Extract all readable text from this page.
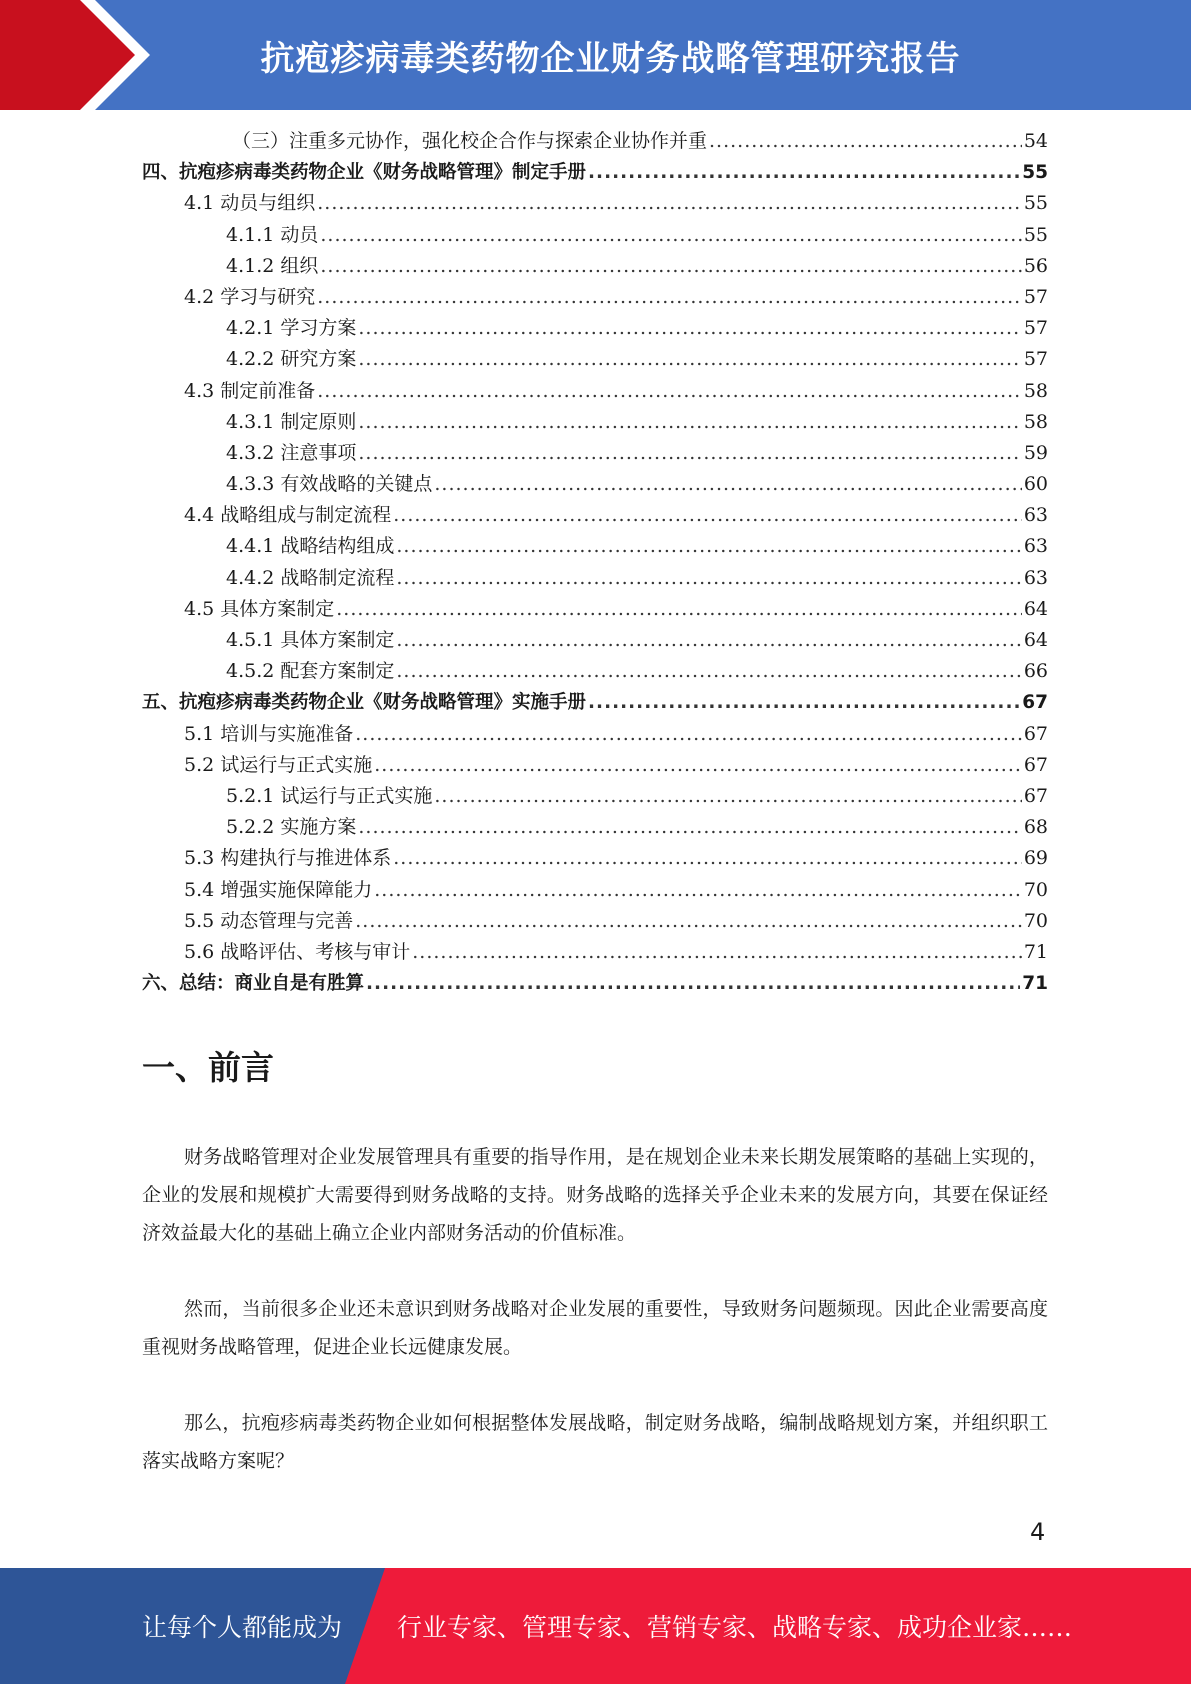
抗疱疹病毒类药物企业财务战略管理研究报告
（三）注重多元协作，强化校企合作与探索企业协作并重 .....	54
四、抗疱疹病毒类药物企业《财务战略管理》制定手册 .....	55
4.1 动员与组织 .....	55
4.1.1 动员 .....	55
4.1.2 组织 .....	56
4.2 学习与研究 .....	57
4.2.1 学习方案 .....	57
4.2.2 研究方案 .....	57
4.3 制定前准备 .....	58
4.3.1 制定原则 .....	58
4.3.2 注意事项 .....	59
4.3.3 有效战略的关键点 .....	60
4.4 战略组成与制定流程 .....	63
4.4.1 战略结构组成 .....	63
4.4.2 战略制定流程 .....	63
4.5 具体方案制定 .....	64
4.5.1 具体方案制定 .....	64
4.5.2 配套方案制定 .....	66
五、抗疱疹病毒类药物企业《财务战略管理》实施手册 .....	67
5.1 培训与实施准备 .....	67
5.2 试运行与正式实施 .....	67
5.2.1 试运行与正式实施 .....	67
5.2.2 实施方案 .....	68
5.3 构建执行与推进体系 .....	69
5.4 增强实施保障能力 .....	70
5.5 动态管理与完善 .....	70
5.6 战略评估、考核与审计 .....	71
六、总结：商业自是有胜算 .....	71
一、前言

财务战略管理对企业发展管理具有重要的指导作用，是在规划企业未来长期发展策略的基础上实现的，企业的发展和规模扩大需要得到财务战略的支持。财务战略的选择关乎企业未来的发展方向，其要在保证经济效益最大化的基础上确立企业内部财务活动的价值标准。

然而，当前很多企业还未意识到财务战略对企业发展的重要性，导致财务问题频现。因此企业需要高度重视财务战略管理，促进企业长远健康发展。

那么，抗疱疹病毒类药物企业如何根据整体发展战略，制定财务战略，编制战略规划方案，并组织职工落实战略方案呢？

4
让每个人都能成为 行业专家、管理专家、营销专家、战略专家、成功企业家……
